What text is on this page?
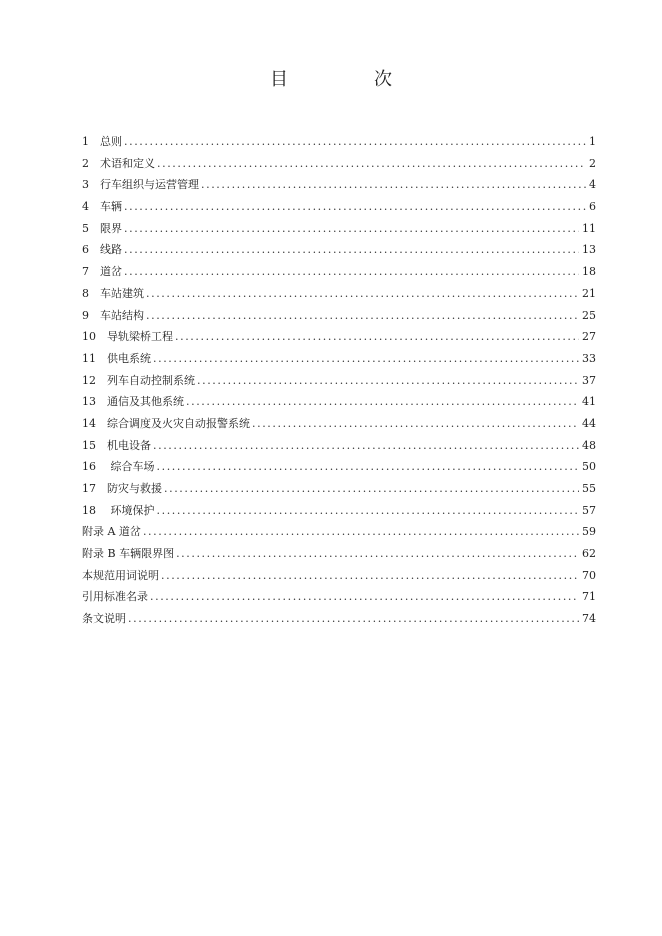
目　次
1　总则 .....	1
2　术语和定义 .....	2
3　行车组织与运营管理 .....	4
4　车辆 .....	6
5　限界 .....	11
6　线路 .....	13
7　道岔 .....	18
8　车站建筑 .....	21
9　车站结构 .....	25
10　导轨梁桥工程 .....	27
11　供电系统 .....	33
12　列车自动控制系统 .....	37
13　通信及其他系统 .....	41
14　综合调度及火灾自动报警系统 .....	44
15　机电设备 .....	48
16　 综合车场 .....	50
17　防灾与救援 .....	55
18　 环境保护 .....	57
附录 A 道岔 .....	59
附录 B 车辆限界图 .....	62
本规范用词说明 .....	70
引用标准名录 .....	71
条文说明 .....	74
